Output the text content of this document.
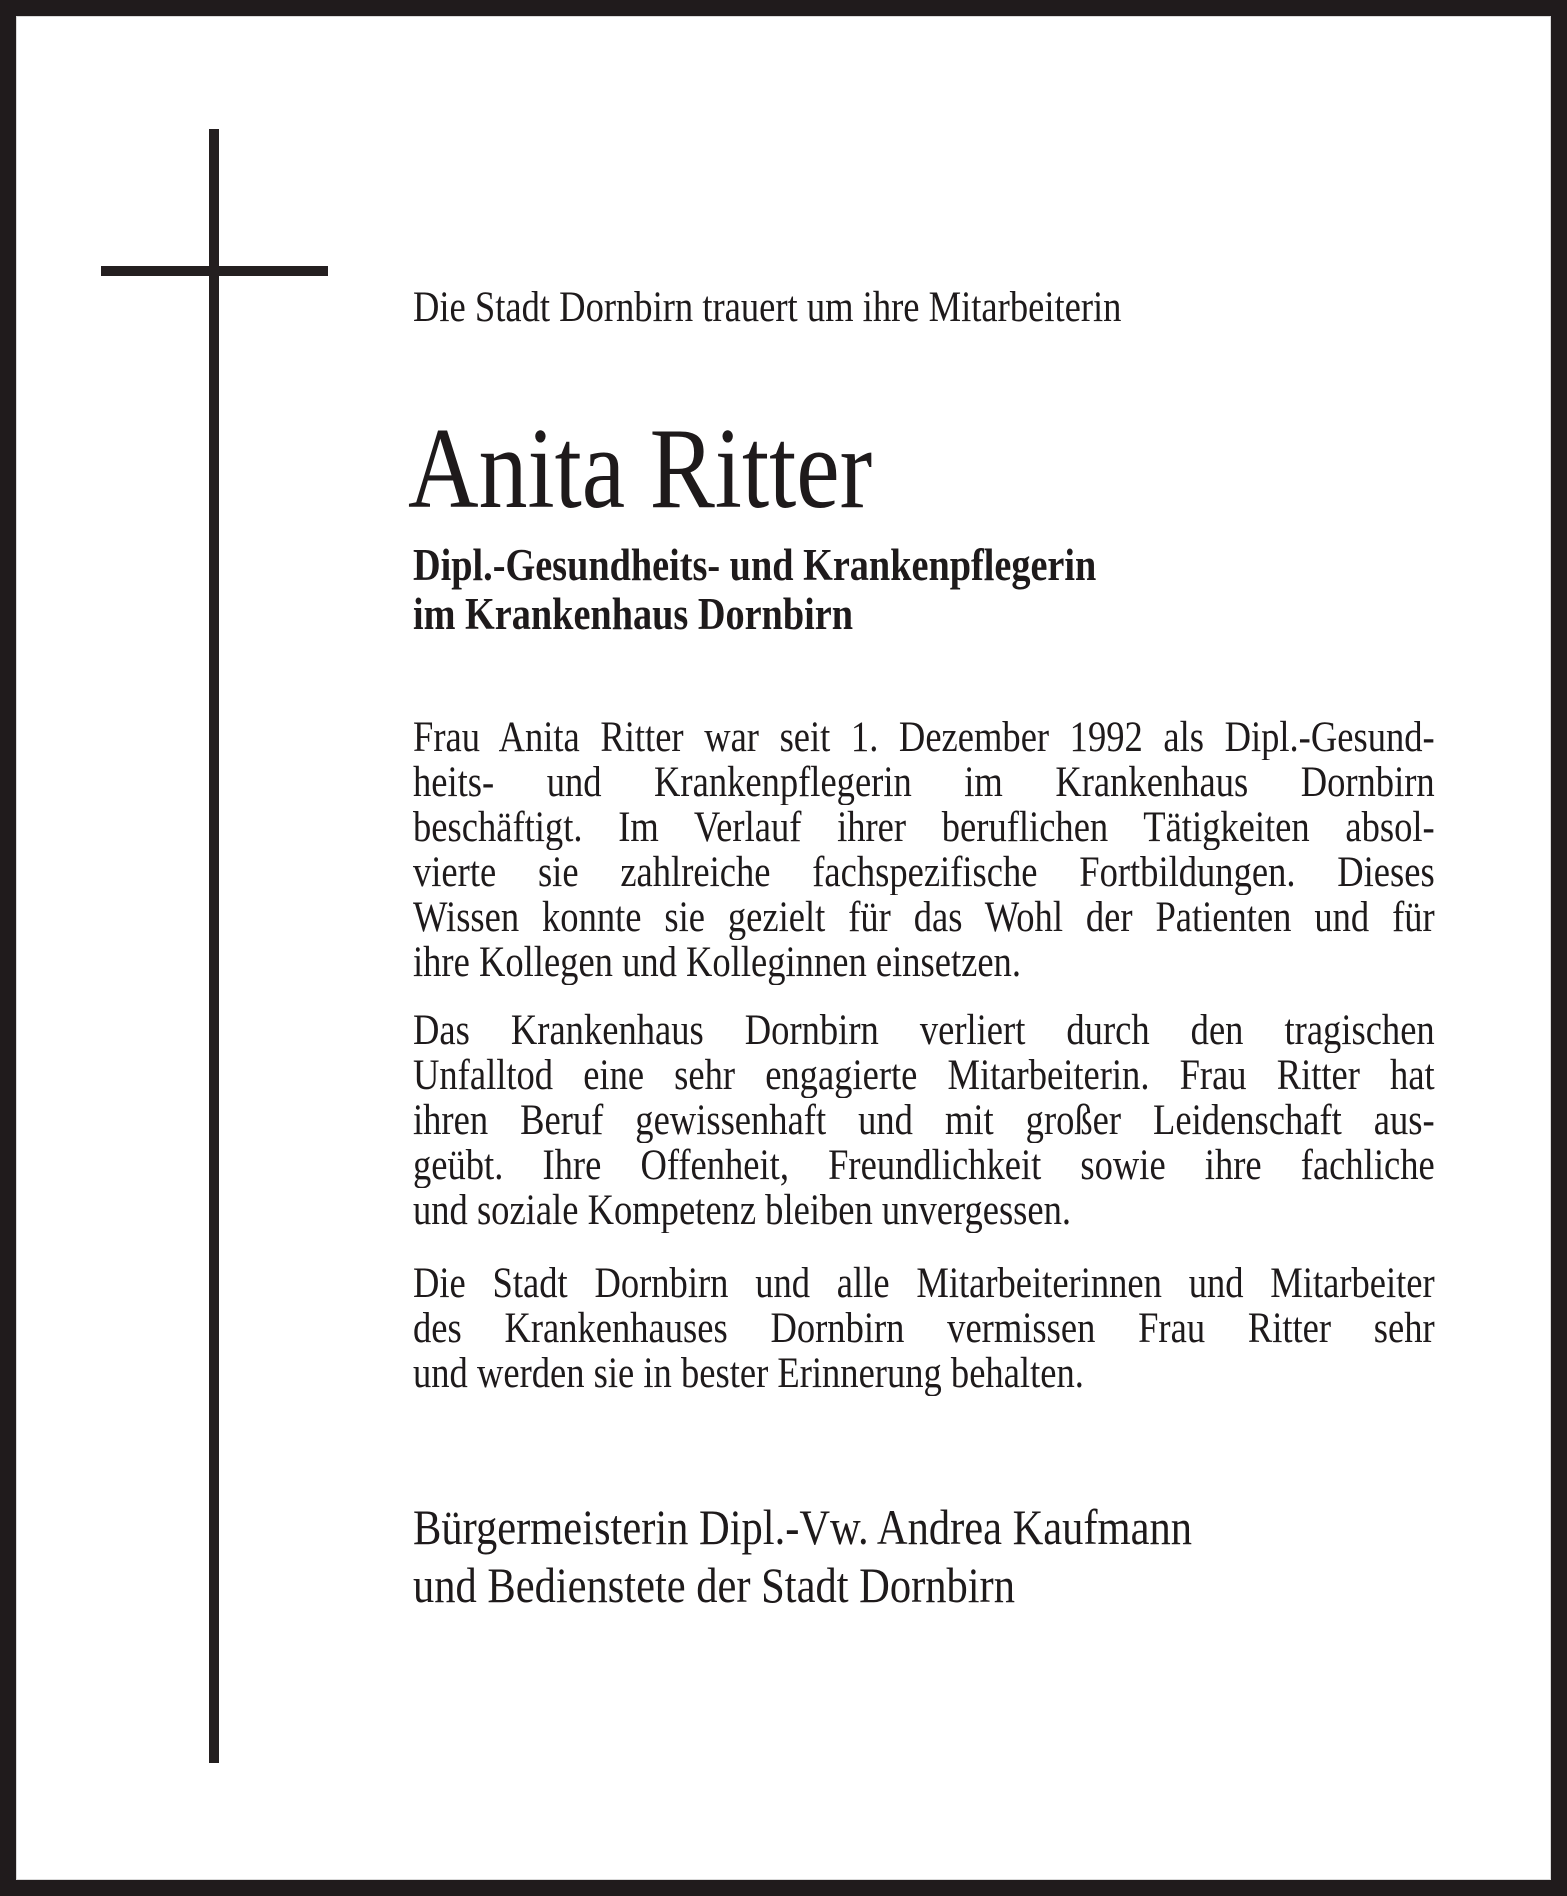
Die Stadt Dornbirn trauert um ihre Mitarbeiterin
Anita Ritter
Dipl.-Gesundheits- und Krankenpflegerin
im Krankenhaus Dornbirn
Frau Anita Ritter war seit 1. Dezember 1992 als Dipl.-Gesund-
heits- und Krankenpflegerin im Krankenhaus Dornbirn
beschäftigt. Im Verlauf ihrer beruflichen Tätigkeiten absol-
vierte sie zahlreiche fachspezifische Fortbildungen. Dieses
Wissen konnte sie gezielt für das Wohl der Patienten und für
ihre Kollegen und Kolleginnen einsetzen.
Das Krankenhaus Dornbirn verliert durch den tragischen
Unfalltod eine sehr engagierte Mitarbeiterin. Frau Ritter hat
ihren Beruf gewissenhaft und mit großer Leidenschaft aus-
geübt. Ihre Offenheit, Freundlichkeit sowie ihre fachliche
und soziale Kompetenz bleiben unvergessen.
Die Stadt Dornbirn und alle Mitarbeiterinnen und Mitarbeiter
des Krankenhauses Dornbirn vermissen Frau Ritter sehr
und werden sie in bester Erinnerung behalten.
Bürgermeisterin Dipl.-Vw. Andrea Kaufmann
und Bedienstete der Stadt Dornbirn
